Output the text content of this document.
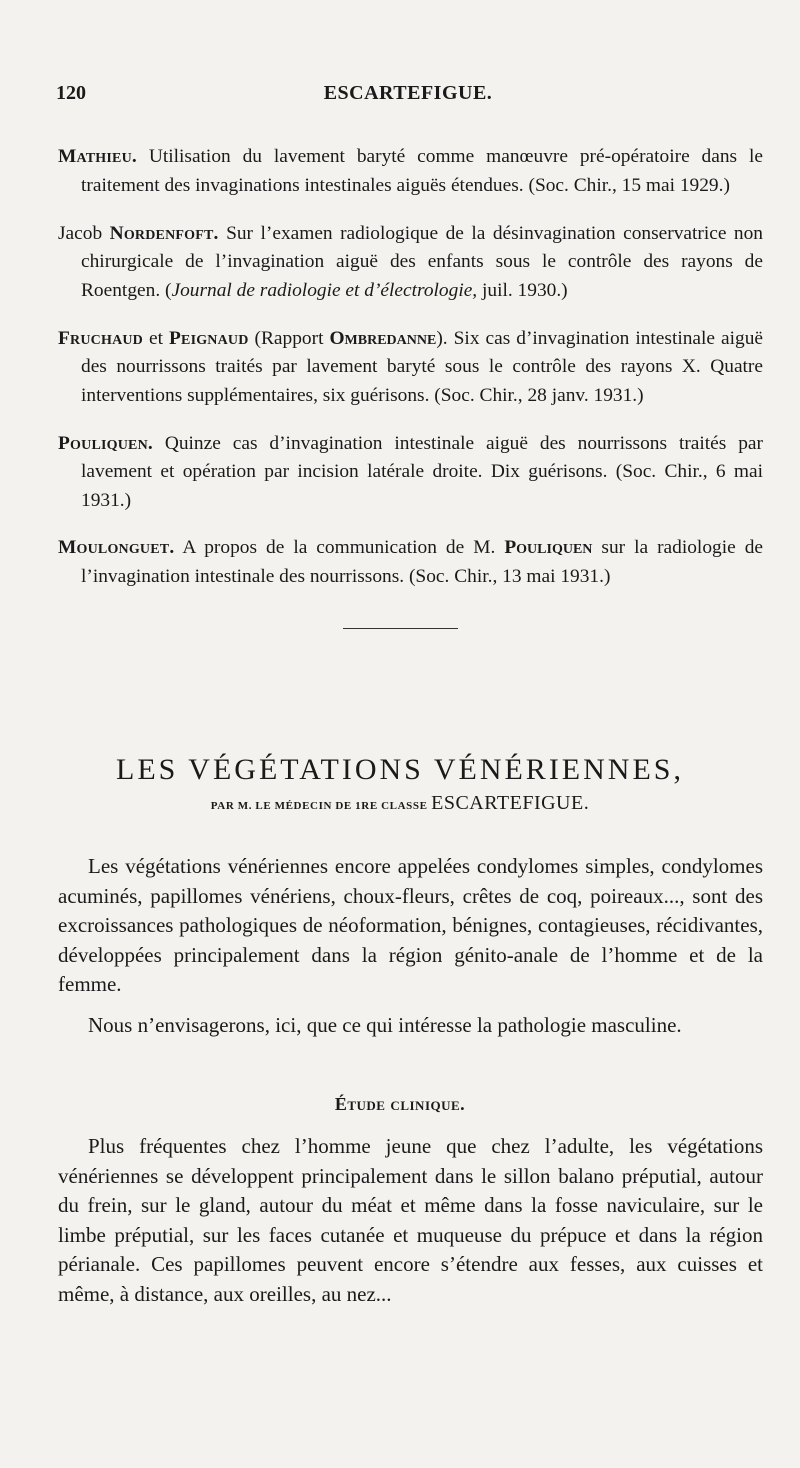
120	ESCARTEFIGUE.

Mathieu. Utilisation du lavement baryté comme manœuvre pré-opératoire dans le traitement des invaginations intestinales aiguës étendues. (Soc. Chir., 15 mai 1929.)

Jacob Nordenfoft. Sur l’examen radiologique de la désinvagination conservatrice non chirurgicale de l’invagination aiguë des enfants sous le contrôle des rayons de Roentgen. (Journal de radiologie et d’électrologie, juil. 1930.)

Fruchaud et Peignaud (Rapport Ombredanne). Six cas d’invagination intestinale aiguë des nourrissons traités par lavement baryté sous le contrôle des rayons X. Quatre interventions supplémentaires, six guérisons. (Soc. Chir., 28 janv. 1931.)

Pouliquen. Quinze cas d’invagination intestinale aiguë des nourrissons traités par lavement et opération par incision latérale droite. Dix guérisons. (Soc. Chir., 6 mai 1931.)

Moulonguet. A propos de la communication de M. Pouliquen sur la radiologie de l’invagination intestinale des nourrissons. (Soc. Chir., 13 mai 1931.)

LES VÉGÉTATIONS VÉNÉRIENNES,
PAR M. LE MÉDECIN DE 1RE CLASSE ESCARTEFIGUE.

Les végétations vénériennes encore appelées condylomes simples, condylomes acuminés, papillomes vénériens, choux-fleurs, crêtes de coq, poireaux..., sont des excroissances pathologiques de néoformation, bénignes, contagieuses, récidivantes, développées principalement dans la région génito-anale de l’homme et de la femme.

Nous n’envisagerons, ici, que ce qui intéresse la pathologie masculine.

Étude clinique.

Plus fréquentes chez l’homme jeune que chez l’adulte, les végétations vénériennes se développent principalement dans le sillon balano préputial, autour du frein, sur le gland, autour du méat et même dans la fosse naviculaire, sur le limbe préputial, sur les faces cutanée et muqueuse du prépuce et dans la région périanale. Ces papillomes peuvent encore s’étendre aux fesses, aux cuisses et même, à distance, aux oreilles, au nez...
